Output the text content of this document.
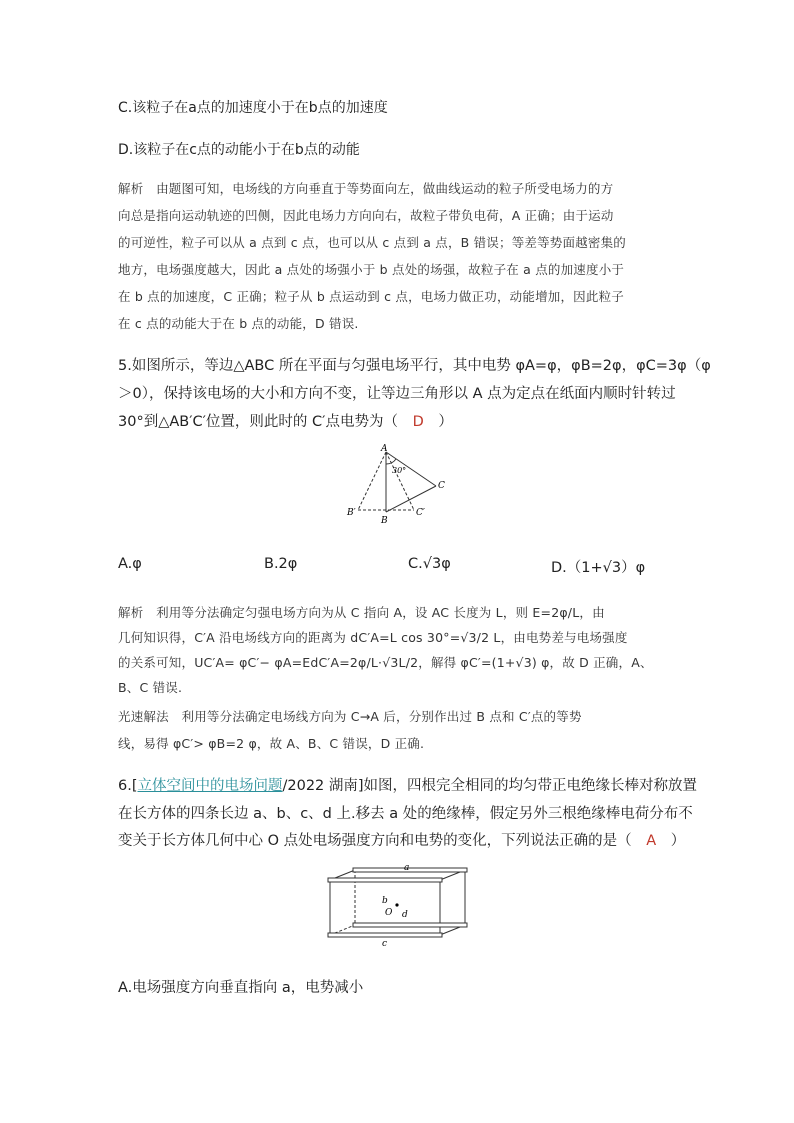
C.该粒子在a点的加速度小于在b点的加速度
D.该粒子在c点的动能小于在b点的动能
解析　由题图可知，电场线的方向垂直于等势面向左，做曲线运动的粒子所受电场力的方
向总是指向运动轨迹的凹侧，因此电场力方向向右，故粒子带负电荷，A 正确；由于运动
的可逆性，粒子可以从 a 点到 c 点，也可以从 c 点到 a 点，B 错误；等差等势面越密集的
地方，电场强度越大，因此 a 点处的场强小于 b 点处的场强，故粒子在 a 点的加速度小于
在 b 点的加速度，C 正确；粒子从 b 点运动到 c 点，电场力做正功，动能增加，因此粒子
在 c 点的动能大于在 b 点的动能，D 错误.
5.如图所示，等边△ABC 所在平面与匀强电场平行，其中电势 φA=φ，φB=2φ，φC=3φ（φ
＞0），保持该电场的大小和方向不变，让等边三角形以 A 点为定点在纸面内顺时针转过
30°到△AB′C′位置，则此时的 C′点电势为（ D ）
A
C
B
B′	C′
30°
A.φ	B.2φ	C.√3φ	D.（1+√3）φ
解析　利用等分法确定匀强电场方向为从 C 指向 A，设 AC 长度为 L，则 E=2φ/L，由
几何知识得，C′A 沿电场线方向的距离为 dC′A=L cos 30°=√3/2 L，由电势差与电场强度
的关系可知，UC′A= φC′− φA=EdC′A=2φ/L·√3L/2，解得 φC′=(1+√3) φ，故 D 正确，A、
B、C 错误.
光速解法　利用等分法确定电场线方向为 C→A 后，分别作出过 B 点和 C′点的等势
线，易得 φC′> φB=2 φ，故 A、B、C 错误，D 正确.
6.[立体空间中的电场问题/2022 湖南]如图，四根完全相同的均匀带正电绝缘长棒对称放置
在长方体的四条长边 a、b、c、d 上.移去 a 处的绝缘棒，假定另外三根绝缘棒电荷分布不
变关于长方体几何中心 O 点处电场强度方向和电势的变化，下列说法正确的是（ A ）
a
b
O d
c
A.电场强度方向垂直指向 a，电势减小
